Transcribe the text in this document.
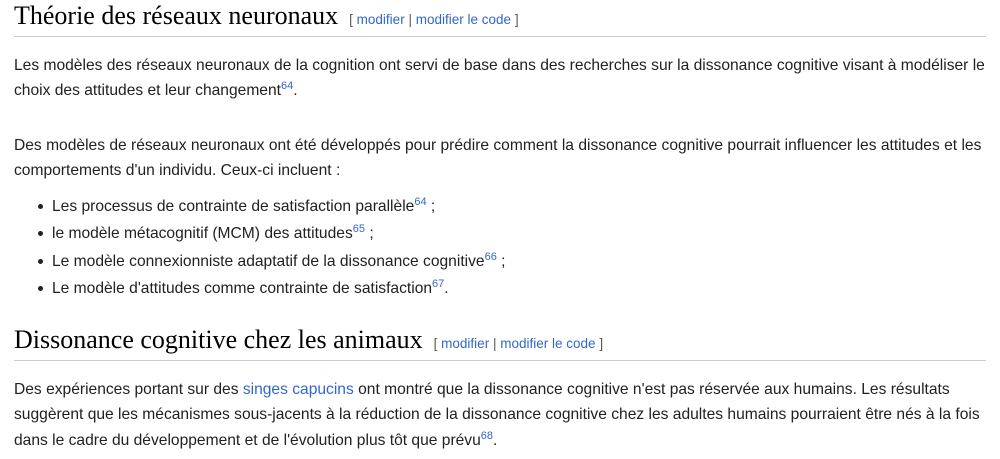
Théorie des réseaux neuronaux [ modifier | modifier le code ]

Les modèles des réseaux neuronaux de la cognition ont servi de base dans des recherches sur la dissonance cognitive visant à modéliser le choix des attitudes et leur changement$^{64}$.

Des modèles de réseaux neuronaux ont été développés pour prédire comment la dissonance cognitive pourrait influencer les attitudes et les comportements d'un individu. Ceux-ci incluent :

Les processus de contrainte de satisfaction parallèle$^{64}$ ;
le modèle métacognitif (MCM) des attitudes$^{65}$ ;
Le modèle connexionniste adaptatif de la dissonance cognitive$^{66}$ ;
Le modèle d'attitudes comme contrainte de satisfaction$^{67}$.
Dissonance cognitive chez les animaux [ modifier | modifier le code ]

Des expériences portant sur des singes capucins ont montré que la dissonance cognitive n'est pas réservée aux humains. Les résultats suggèrent que les mécanismes sous-jacents à la réduction de la dissonance cognitive chez les adultes humains pourraient être nés à la fois dans le cadre du développement et de l'évolution plus tôt que prévu$^{68}$.
